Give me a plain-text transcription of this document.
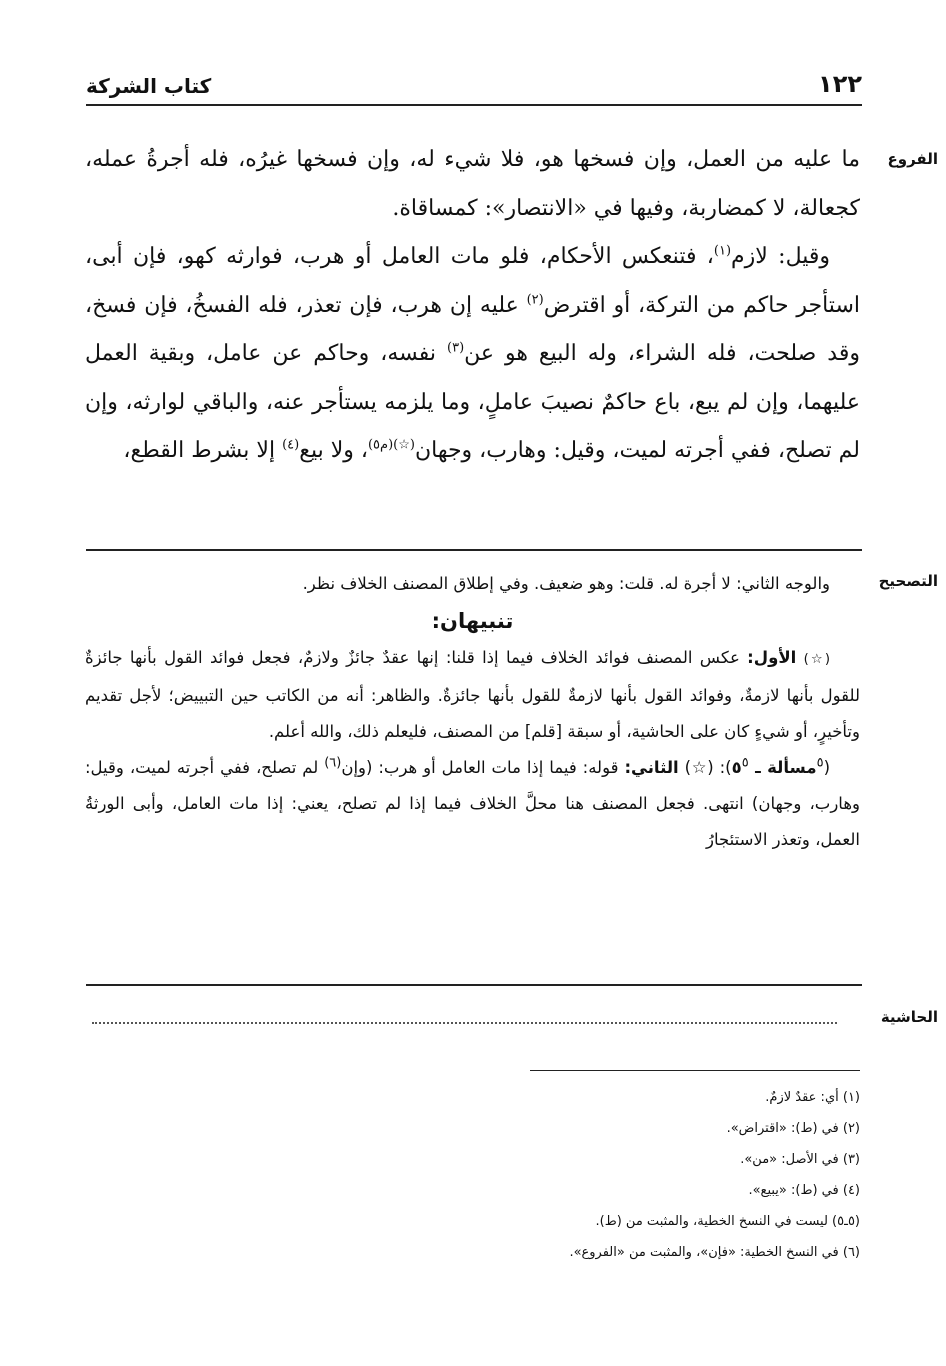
١٢٢
كتاب الشركة
الفروع

ما عليه من العمل، وإن فسخها هو، فلا شيء له، وإن فسخها غيرُه، فله أجرةُ عمله، كجعالة، لا كمضاربة، وفيها في «الانتصار»: كمساقاة.

وقيل: لازم$^{(١)}$، فتنعكس الأحكام، فلو مات العامل أو هرب، فوارثه كهو، فإن أبى، استأجر حاكم من التركة، أو اقترض$^{(٢)}$ عليه إن هرب، فإن تعذر، فله الفسخُ، فإن فسخ، وقد صلحت، فله الشراء، وله البيع هو عن$^{(٣)}$ نفسه، وحاكم عن عامل، وبقية العمل عليهما، وإن لم يبع، باع حاكمٌ نصيبَ عاملٍ، وما يلزمه يستأجر عنه، والباقي لوارثه، وإن لم تصلح، ففي أجرته لميت، وقيل: وهارب، وجهان$^{(☆)(م٥)}$، ولا بيع$^{(٤)}$ إلا بشرط القطع،

التصحيح

والوجه الثاني: لا أجرة له. قلت: وهو ضعيف. وفي إطلاق المصنف الخلاف نظر.

تنبيهان:

(☆) الأول: عكس المصنف فوائد الخلاف فيما إذا قلنا: إنها عقدٌ جائزٌ ولازمٌ، فجعل فوائد القول بأنها جائزةٌ للقول بأنها لازمةٌ، وفوائد القول بأنها لازمةٌ للقول بأنها جائزةٌ. والظاهر: أنه من الكاتب حين التبييض؛ لأجل تقديم وتأخيرٍ، أو شيءٍ كان على الحاشية، أو سبقة [قلم] من المصنف، فليعلم ذلك، والله أعلم.

($^٥$مسألة ـ ٥$^٥$): (☆) الثاني: قوله: فيما إذا مات العامل أو هرب: (وإن$^{(٦)}$ لم تصلح، ففي أجرته لميت، وقيل: وهارب، وجهان) انتهى. فجعل المصنف هنا محلَّ الخلاف فيما إذا لم تصلح، يعني: إذا مات العامل، وأبى الورثةُ العمل، وتعذر الاستئجارُ

الحاشية
(١) أي: عقدٌ لازمٌ.
(٢) في (ط): «اقتراض».
(٣) في الأصل: «من».
(٤) في (ط): «يبيع».
(٥ـ٥) ليست في النسخ الخطية، والمثبت من (ط).
(٦) في النسخ الخطية: «فإن»، والمثبت من «الفروع».
